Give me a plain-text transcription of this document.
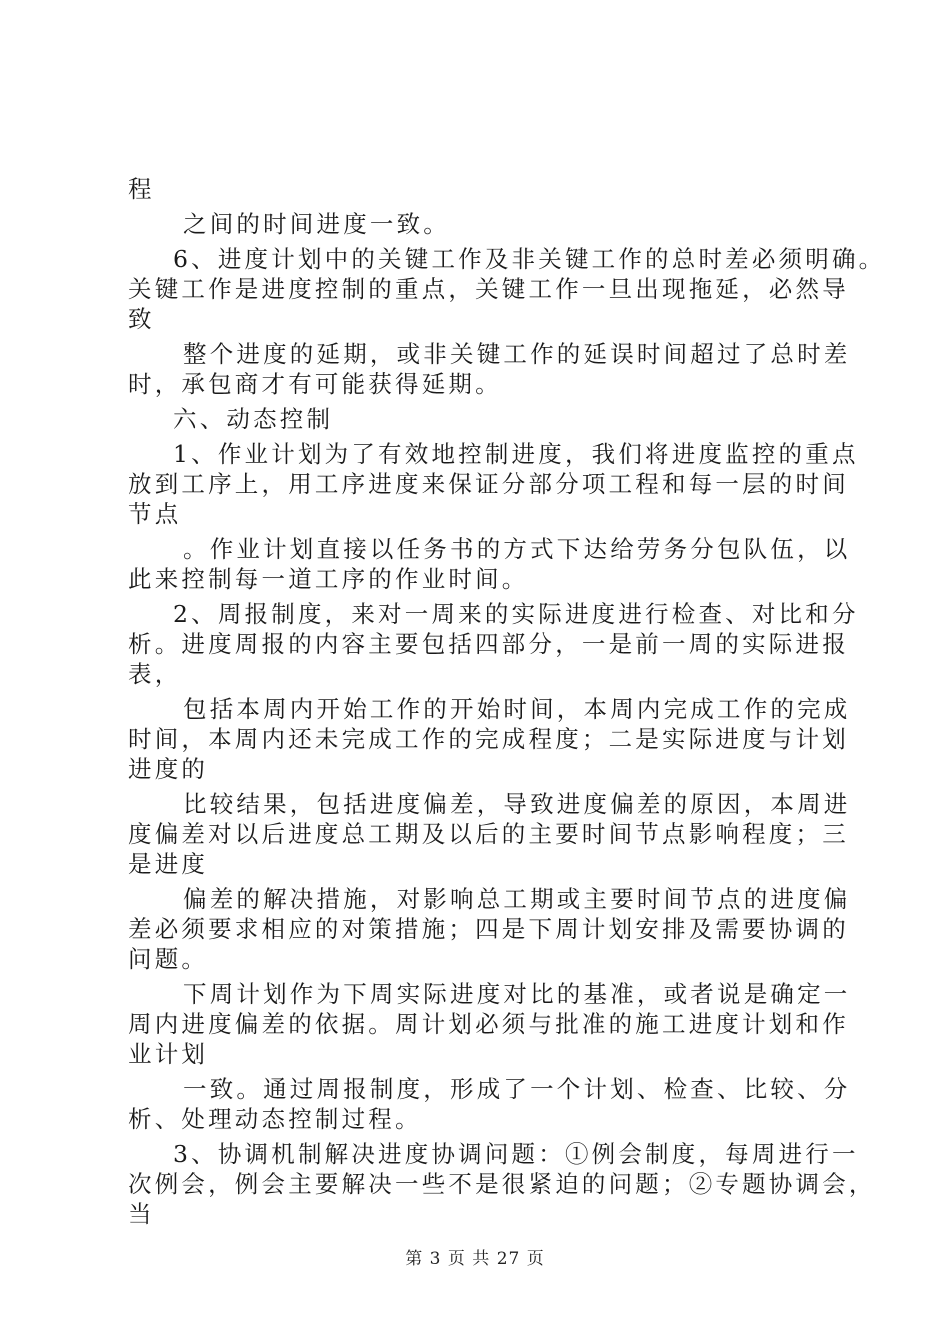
程
之间的时间进度一致。
6、进度计划中的关键工作及非关键工作的总时差必须明确。
关键工作是进度控制的重点，关键工作一旦出现拖延，必然导
致
整个进度的延期，或非关键工作的延误时间超过了总时差
时，承包商才有可能获得延期。
六、动态控制
1、作业计划为了有效地控制进度，我们将进度监控的重点
放到工序上，用工序进度来保证分部分项工程和每一层的时间
节点
。作业计划直接以任务书的方式下达给劳务分包队伍，以
此来控制每一道工序的作业时间。
2、周报制度，来对一周来的实际进度进行检查、对比和分
析。进度周报的内容主要包括四部分，一是前一周的实际进报
表，
包括本周内开始工作的开始时间，本周内完成工作的完成
时间，本周内还未完成工作的完成程度；二是实际进度与计划
进度的
比较结果，包括进度偏差，导致进度偏差的原因，本周进
度偏差对以后进度总工期及以后的主要时间节点影响程度；三
是进度
偏差的解决措施，对影响总工期或主要时间节点的进度偏
差必须要求相应的对策措施；四是下周计划安排及需要协调的
问题。
下周计划作为下周实际进度对比的基准，或者说是确定一
周内进度偏差的依据。周计划必须与批准的施工进度计划和作
业计划
一致。通过周报制度，形成了一个计划、检查、比较、分
析、处理动态控制过程。
3、协调机制解决进度协调问题：①例会制度，每周进行一
次例会，例会主要解决一些不是很紧迫的问题；②专题协调会，
当
第 3 页 共 27 页
